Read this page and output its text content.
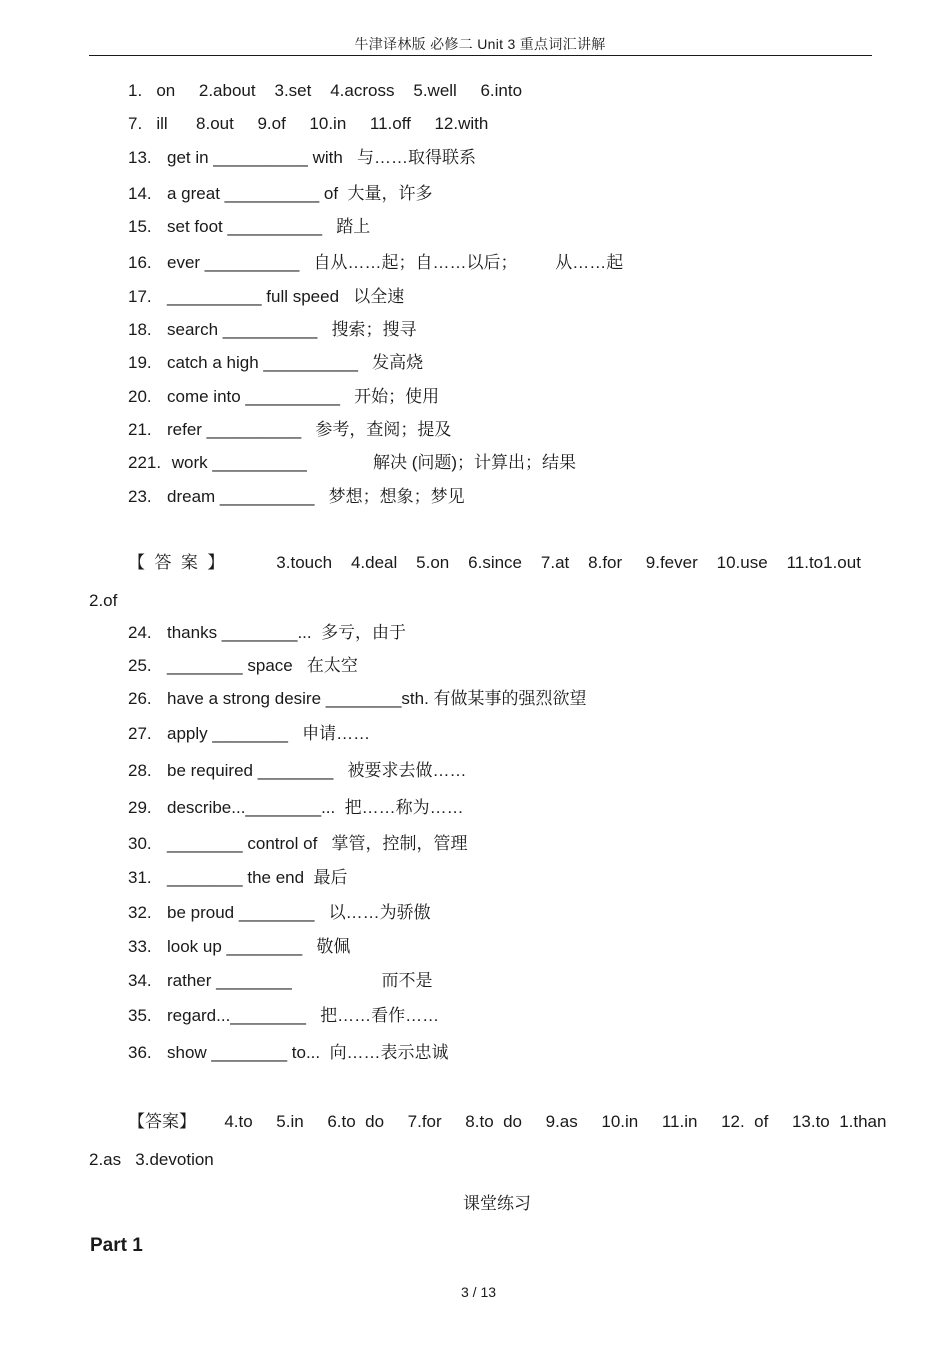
牛津译林版 必修二 Unit 3 重点词汇讲解
1.   on     2.about    3.set    4.across    5.well     6.into
7.   ill      8.out     9.of     10.in     11.off     12.with
13. get in __________ with   与……取得联系
14. a great __________ of  大量，许多
15. set foot __________   踏上
16. ever __________   自从……起；自……以后；        从……起
17. __________ full speed   以全速
18. search __________   搜索；搜寻
19. catch a high __________   发高烧
20. come into __________   开始；使用
21. refer __________   参考，查阅；提及
221. work __________              解决 (问题)；计算出；结果
23. dream __________   梦想；想象；梦见
【  答  案  】           3.touch    4.deal    5.on    6.since    7.at    8.for     9.fever    10.use    11.to1.out
2.of
24. thanks ________...  多亏，由于
25. ________ space   在太空
26. have a strong desire ________sth. 有做某事的强烈欲望
27. apply ________   申请……
28. be required ________   被要求去做……
29. describe...________...  把……称为……
30. ________ control of   掌管，控制，管理
31. ________ the end  最后
32. be proud ________   以……为骄傲
33. look up ________   敬佩
34. rather ________                   而不是
35. regard...________   把……看作……
36. show ________ to...  向……表示忠诚
【答案】      4.to     5.in     6.to  do     7.for     8.to  do     9.as     10.in     11.in     12.  of     13.to  1.than
2.as   3.devotion
课堂练习
Part 1
3 / 13
